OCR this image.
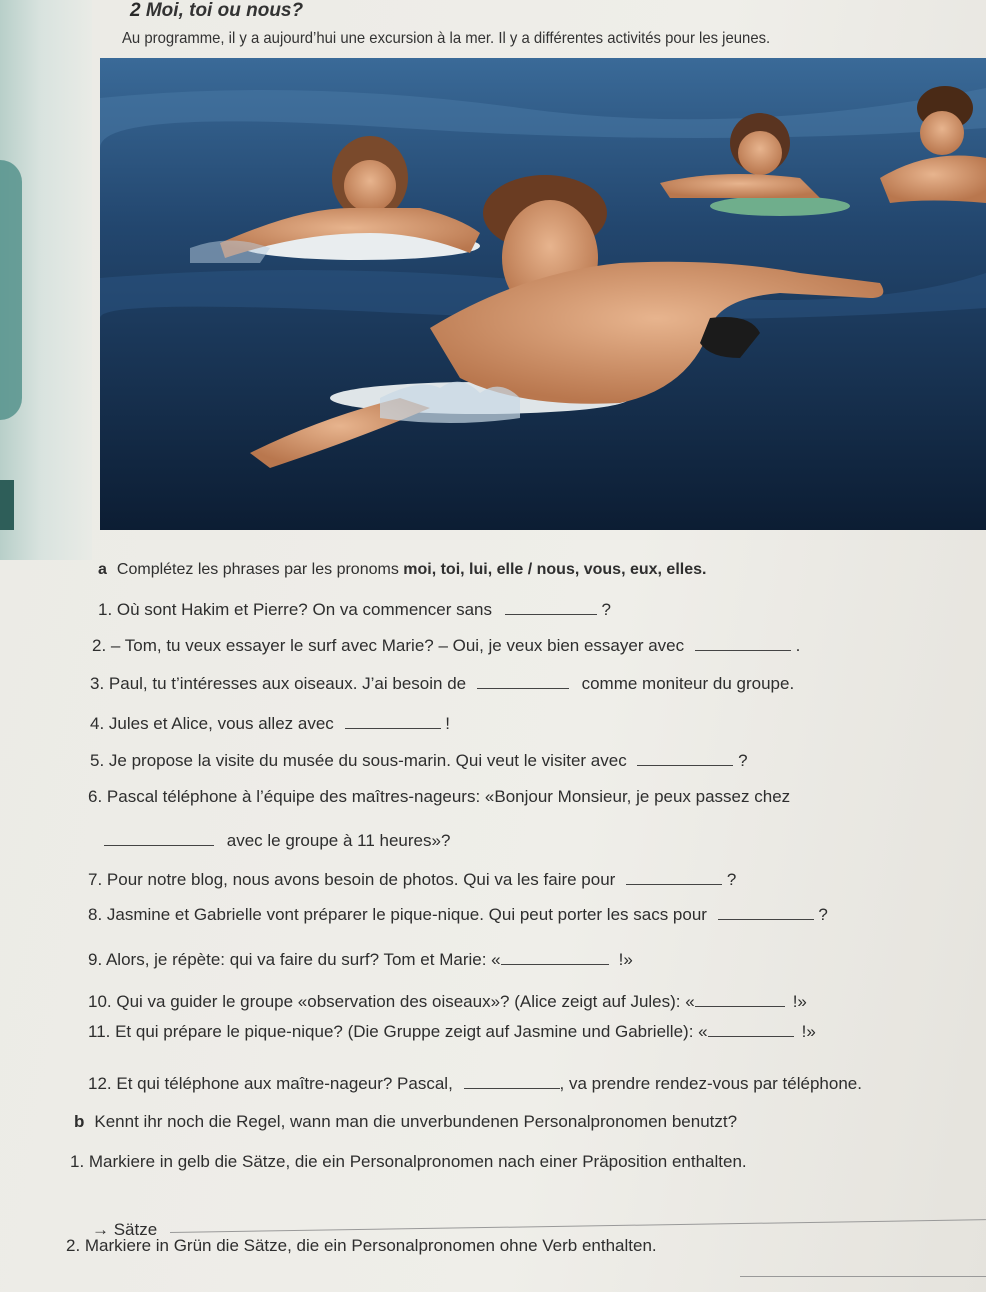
2 Moi, toi ou nous?
Au programme, il y a aujourd’hui une excursion à la mer. Il y a différentes activités pour les jeunes.
a Complétez les phrases par les pronoms moi, toi, lui, elle / nous, vous, eux, elles.
1. Où sont Hakim et Pierre? On va commencer sans	?
2. – Tom, tu veux essayer le surf avec Marie? – Oui, je veux bien essayer avec	.
3. Paul, tu t’intéresses aux oiseaux. J’ai besoin de	comme moniteur du groupe.
4. Jules et Alice, vous allez avec	!
5. Je propose la visite du musée du sous-marin. Qui veut le visiter avec	?
6. Pascal téléphone à l’équipe des maîtres-nageurs: «Bonjour Monsieur, je peux passez chez
avec le groupe à 11 heures»?
7. Pour notre blog, nous avons besoin de photos. Qui va les faire pour	?
8. Jasmine et Gabrielle vont préparer le pique-nique. Qui peut porter les sacs pour	?
9. Alors, je répète: qui va faire du surf? Tom et Marie: «	!»
10. Qui va guider le groupe «observation des oiseaux»? (Alice zeigt auf Jules): «	!»
11. Et qui prépare le pique-nique? (Die Gruppe zeigt auf Jasmine und Gabrielle): «	!»
12. Et qui téléphone aux maître-nageur? Pascal,	, va prendre rendez-vous par téléphone.
b Kennt ihr noch die Regel, wann man die unverbundenen Personalpronomen benutzt?
1. Markiere in gelb die Sätze, die ein Personalpronomen nach einer Präposition enthalten.
→ Sätze
2. Markiere in Grün die Sätze, die ein Personalpronomen ohne Verb enthalten.
